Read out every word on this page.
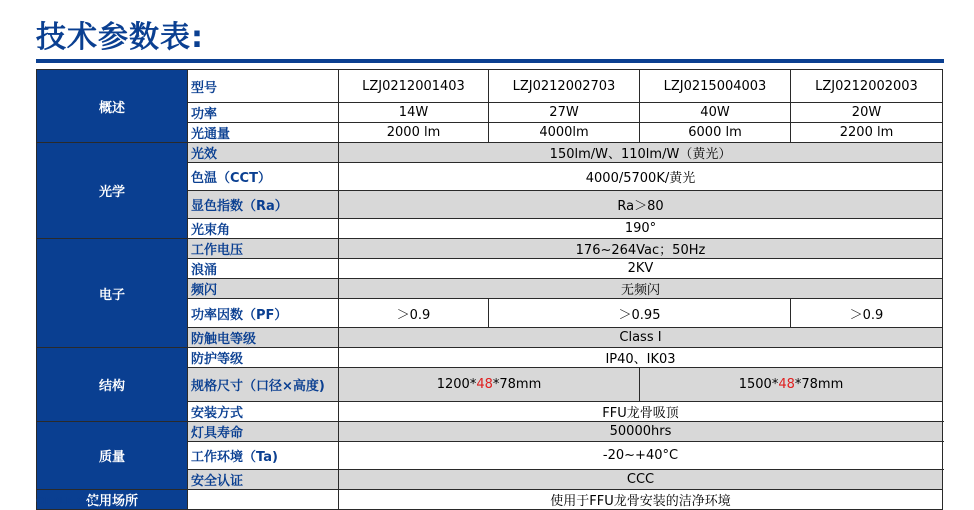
技术参数表:
概述	型号	LZJ0212001403	LZJ0212002703	LZJ0215004003	LZJ0212002003	
	功率	14W	27W	40W	20W	
	光通量	2000 lm	4000lm	6000 lm	2200 lm	
光学	光效	150lm/W、110lm/W（黄光）				
	色温（CCT）	4000/5700K/黄光				
	显色指数（Ra）	Ra＞80				
	光束角	190°				
电子	工作电压	176~264Vac；50Hz				
	浪涌	2KV				
	频闪	无频闪				
	功率因数（PF）	＞0.9	＞0.95		＞0.9	
	防触电等级	Class I				
结构	防护等级	IP40、IK03				
	规格尺寸（口径×高度)	1200*48*78mm		1500*48*78mm	
	安装方式	FFU龙骨吸顶				
质量	灯具寿命	50000hrs				
	工作环境（Ta)	-20~+40°C				
	安全认证	CCC				
使用场所		使用于FFU龙骨安装的洁净环境				
OPPLE.COM
